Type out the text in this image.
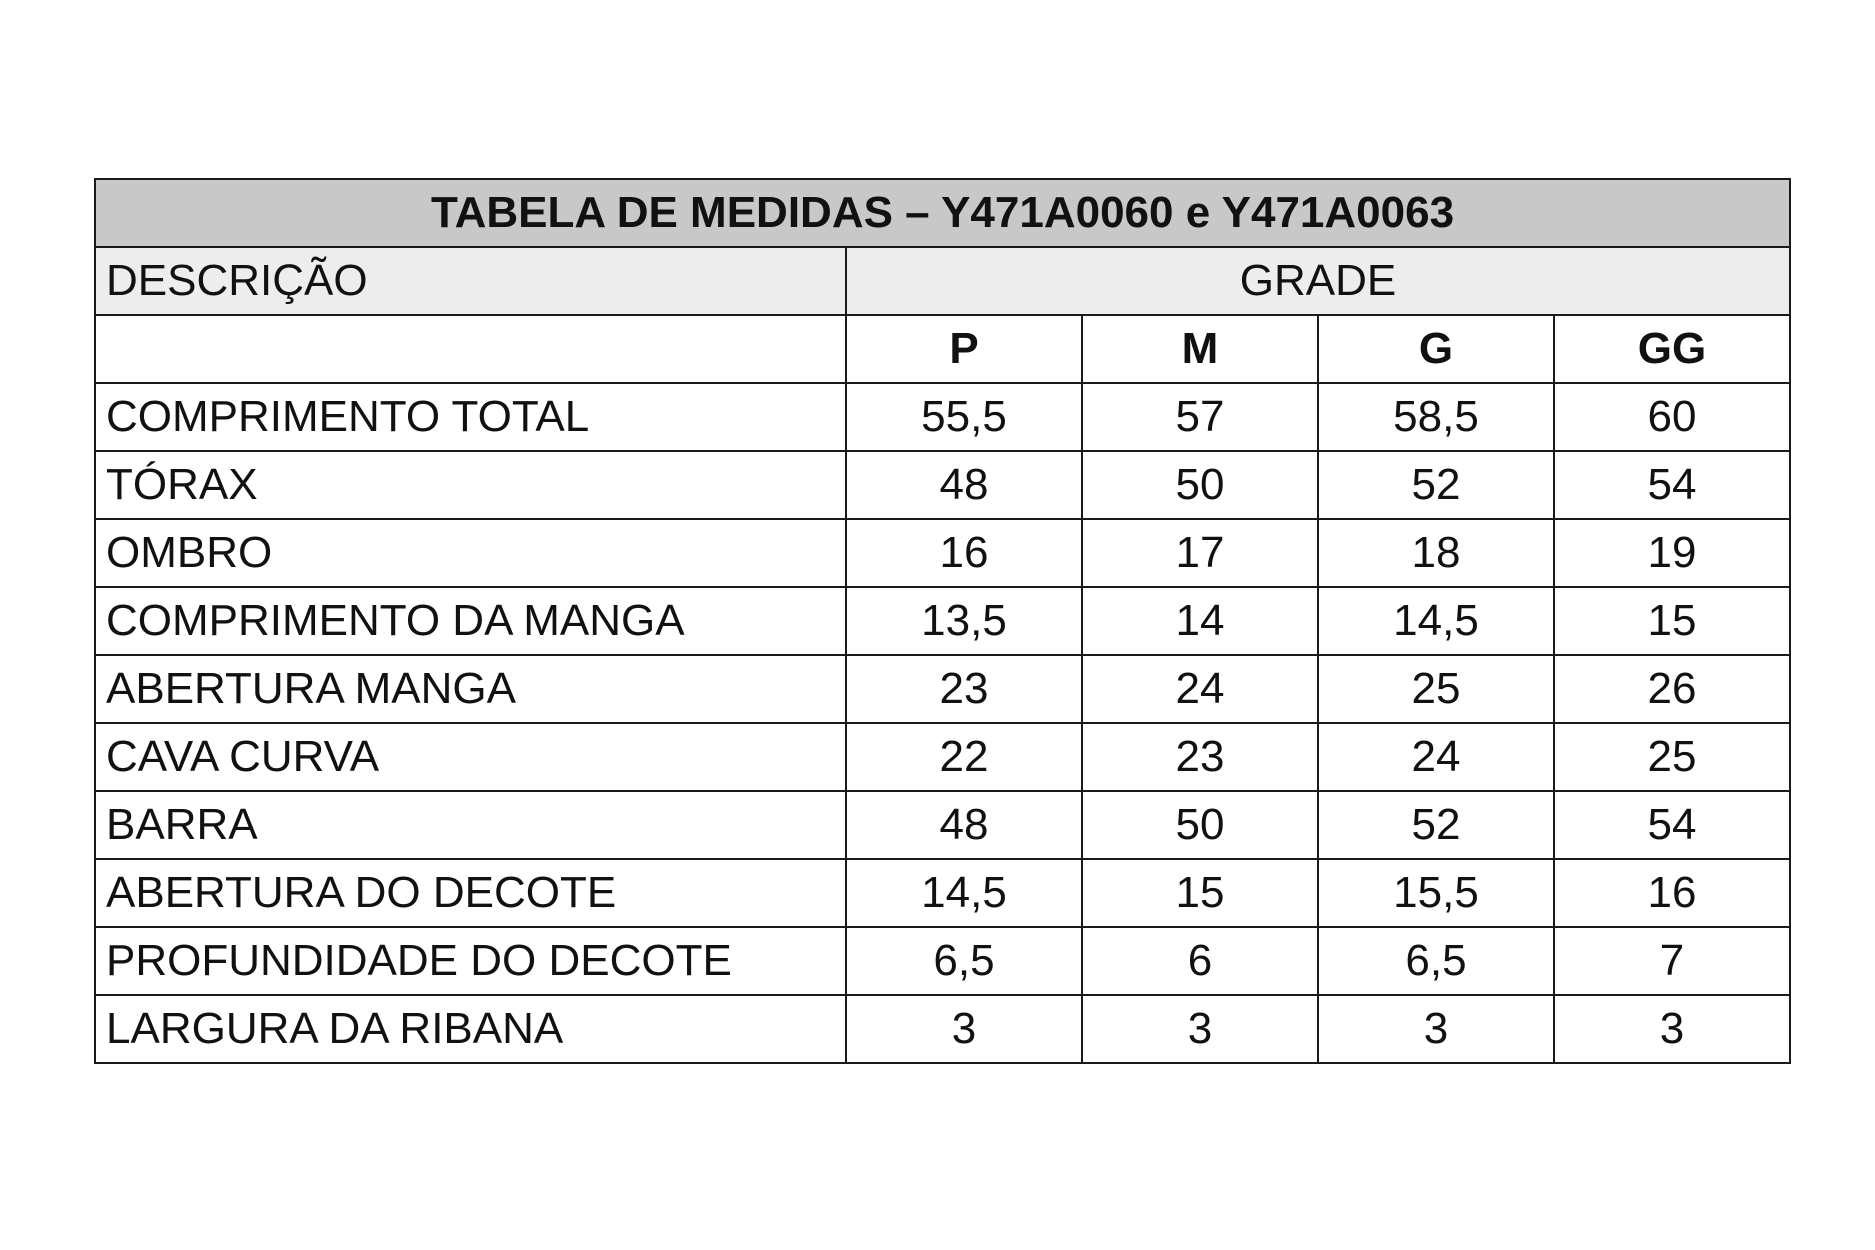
TABELA DE MEDIDAS – Y471A0060 e Y471A0063				
DESCRIÇÃO	GRADE			
	P	M	G	GG
COMPRIMENTO TOTAL	55,5	57	58,5	60
TÓRAX	48	50	52	54
OMBRO	16	17	18	19
COMPRIMENTO DA MANGA	13,5	14	14,5	15
ABERTURA MANGA	23	24	25	26
CAVA CURVA	22	23	24	25
BARRA	48	50	52	54
ABERTURA DO DECOTE	14,5	15	15,5	16
PROFUNDIDADE DO DECOTE	6,5	6	6,5	7
LARGURA DA RIBANA	3	3	3	3
